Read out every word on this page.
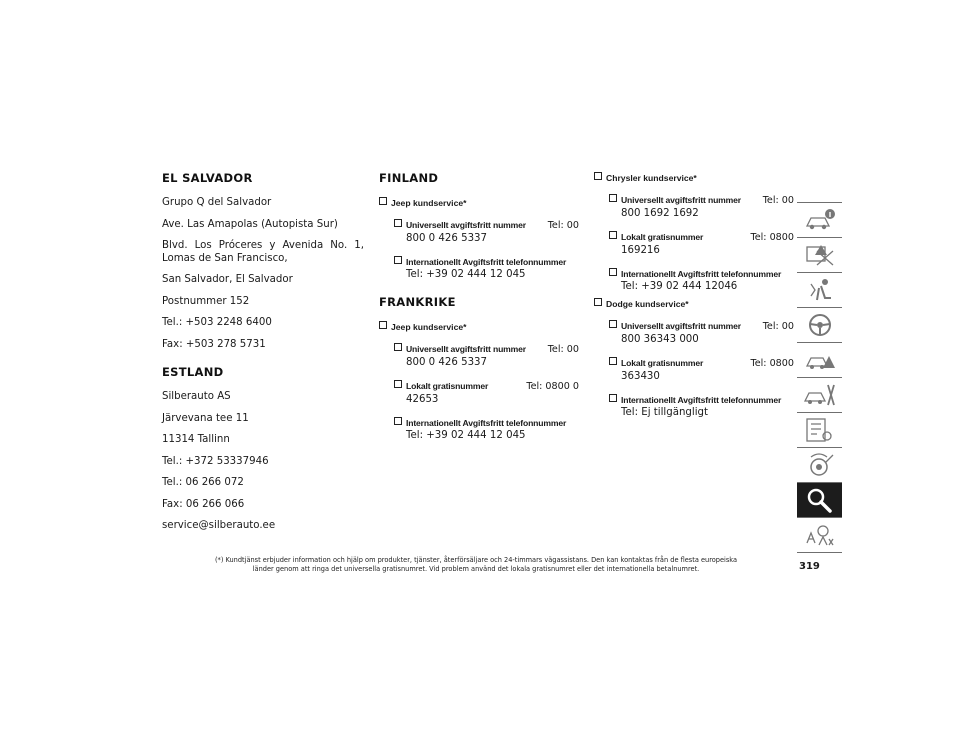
EL SALVADOR

Grupo Q del Salvador

Ave. Las Amapolas (Autopista Sur)

Blvd. Los Próceres y Avenida No. 1, Lomas de San Francisco,

San Salvador, El Salvador

Postnummer 152

Tel.: +503 2248 6400

Fax: +503 278 5731

ESTLAND

Silberauto AS

Järvevana tee 11

11314 Tallinn

Tel.: +372 53337946

Tel.: 06 266 072

Fax: 06 266 066

service@silberauto.ee

FINLAND
Jeep kundservice*
Universellt avgiftsfritt nummer Tel: 00
800 0 426 5337
Internationellt Avgiftsfritt telefonnummer
Tel: +39 02 444 12 045
FRANKRIKE
Jeep kundservice*
Universellt avgiftsfritt nummer Tel: 00
800 0 426 5337
Lokalt gratisnummer	Tel: 0800 0
42653
Internationellt Avgiftsfritt telefonnummer
Tel: +39 02 444 12 045
Chrysler kundservice*
Universellt avgiftsfritt nummer Tel: 00
800 1692 1692
Lokalt gratisnummer	Tel: 0800
169216
Internationellt Avgiftsfritt telefonnummer
Tel: +39 02 444 12046
Dodge kundservice*
Universellt avgiftsfritt nummer Tel: 00
800 36343 000
Lokalt gratisnummer	Tel: 0800
363430
Internationellt Avgiftsfritt telefonnummer
Tel: Ej tillgängligt
(*) Kundtjänst erbjuder information och hjälp om produkter, tjänster, återförsäljare och 24-timmars vägassistans. Den kan kontaktas från de flesta europeiska
länder genom att ringa det universella gratisnumret. Vid problem använd det lokala gratisnumret eller det internationella betalnumret.	319
